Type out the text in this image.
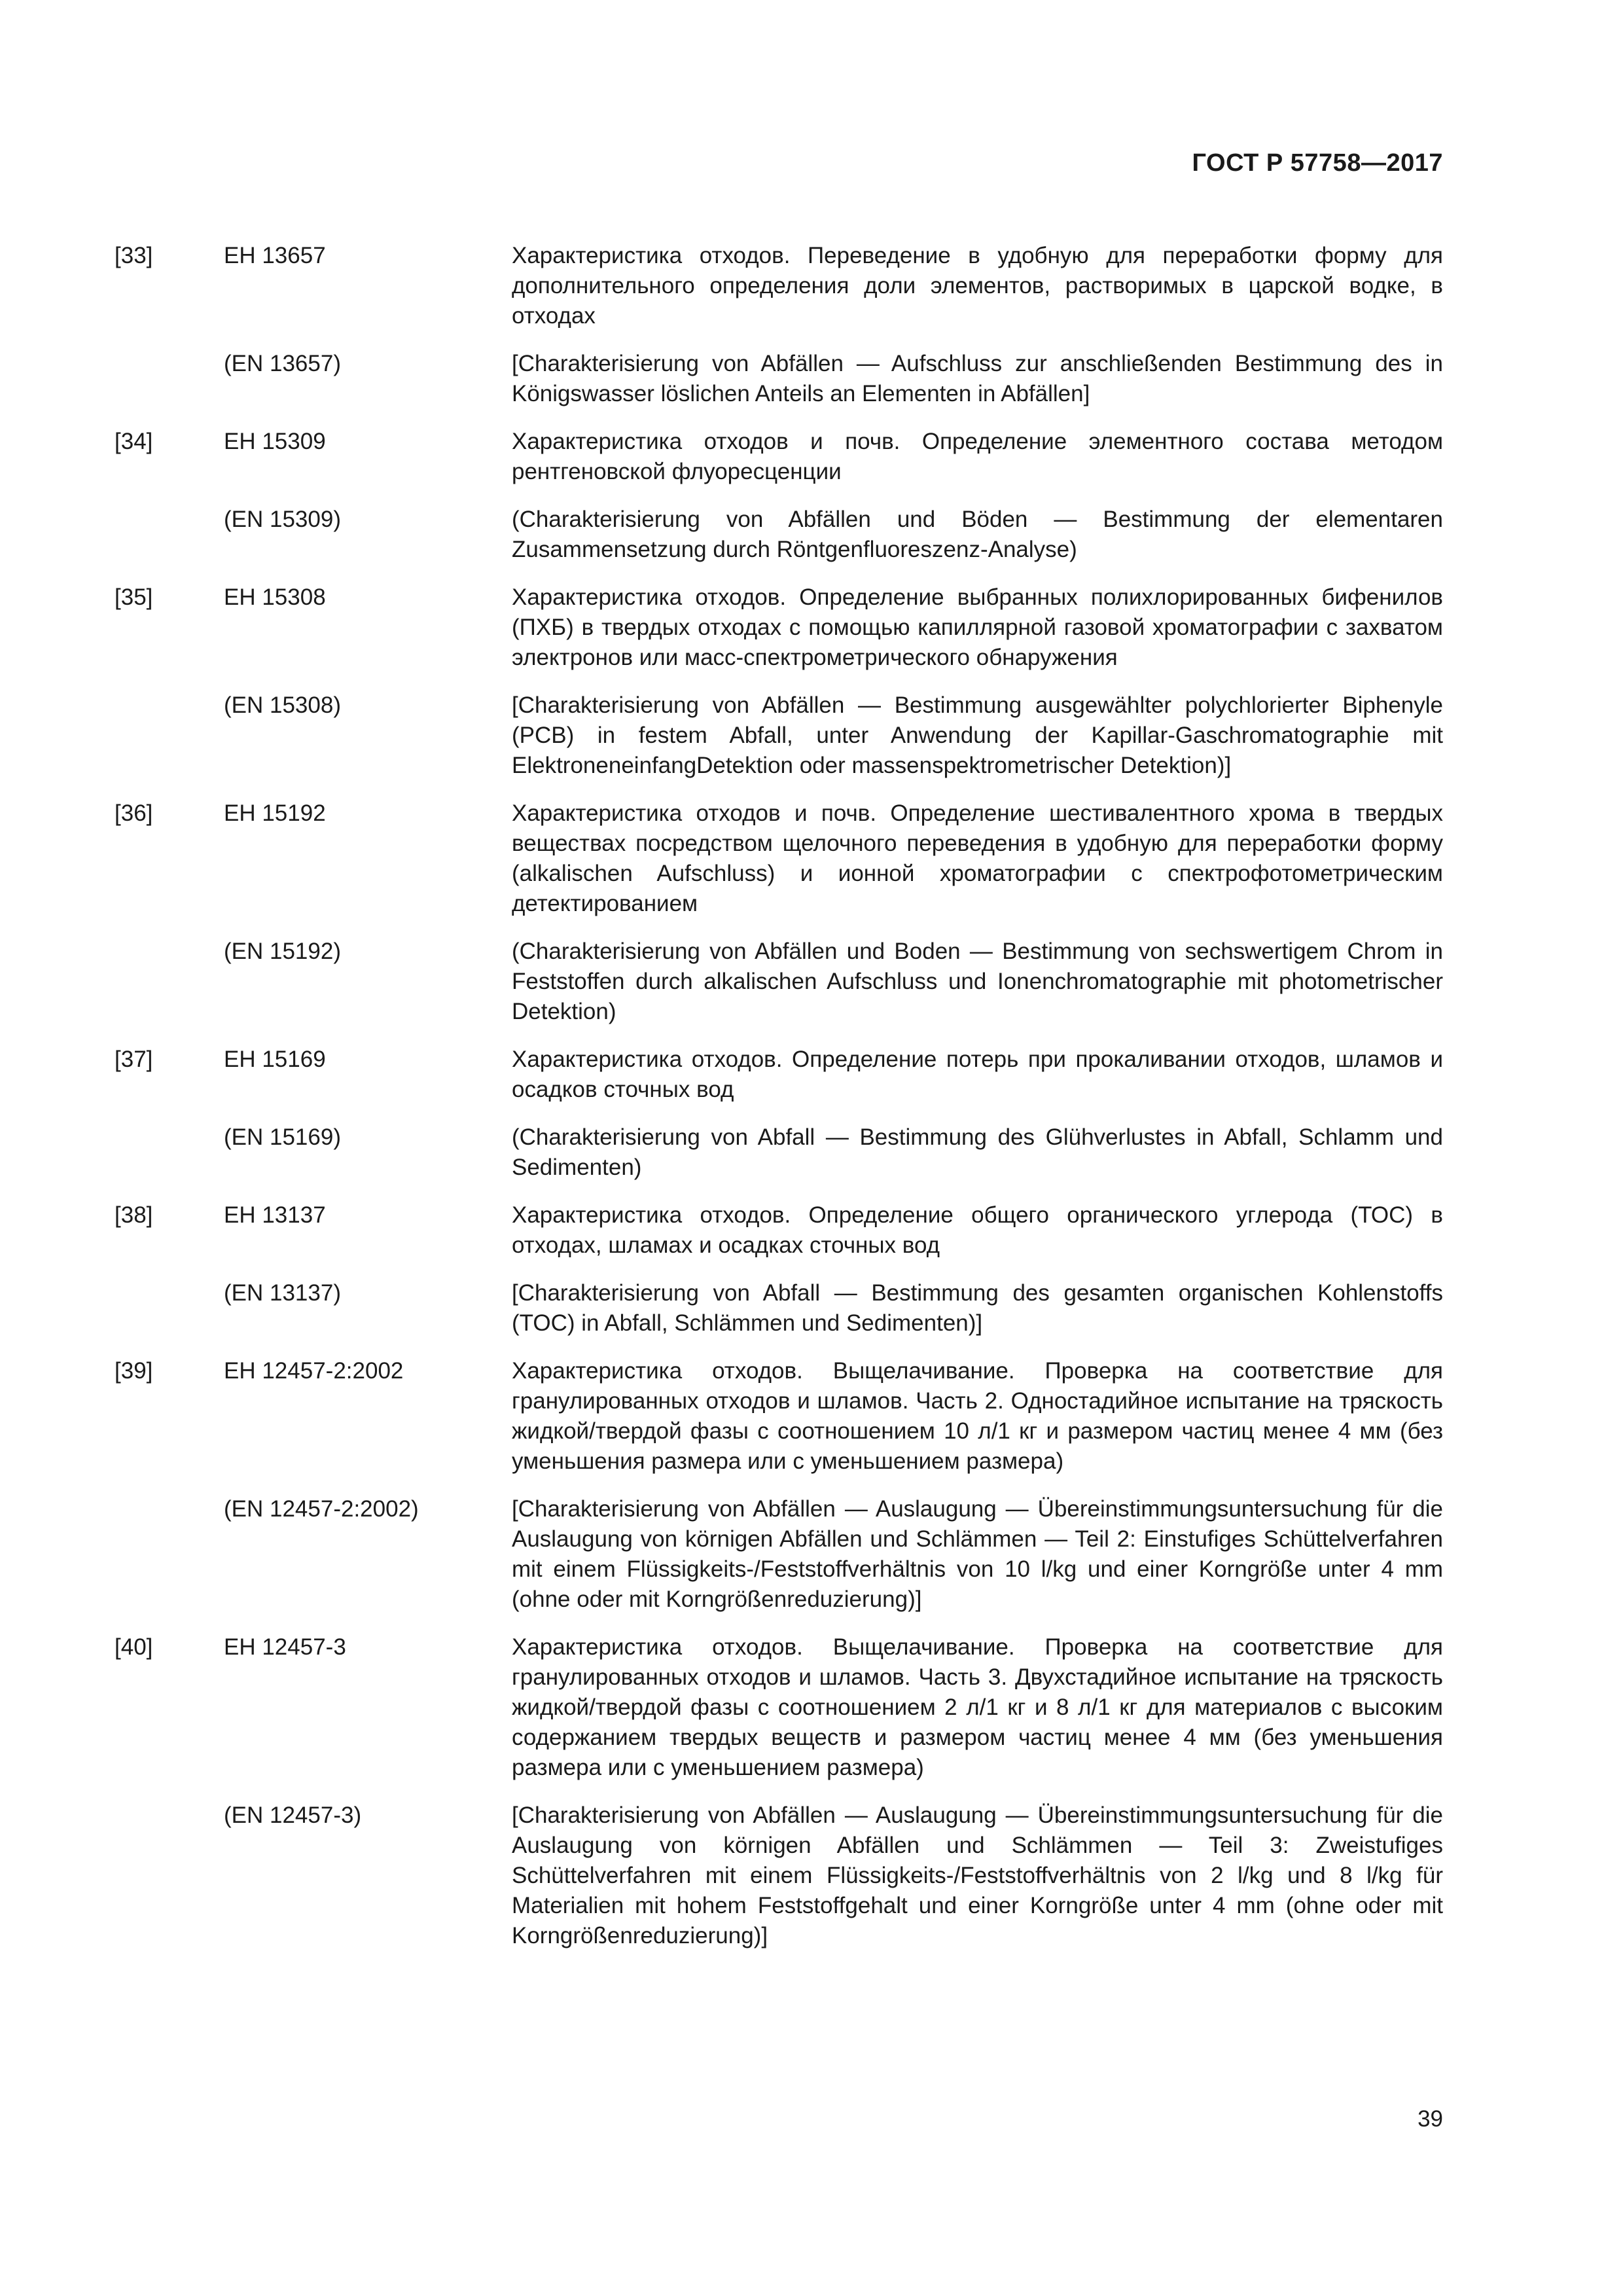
ГОСТ Р 57758—2017
[33]	ЕН 13657	Характеристика отходов. Переведение в удобную для переработки форму для дополнительного определения доли элементов, растворимых в царской водке, в отходах
(EN 13657)	[Charakterisierung von Abfällen — Aufschluss zur anschließenden Bestimmung des in Königswasser löslichen Anteils an Elementen in Abfällen]
[34]	ЕН 15309	Характеристика отходов и почв. Определение элементного состава методом рентгеновской флуоресценции
(EN 15309)	(Charakterisierung von Abfällen und Böden — Bestimmung der elementaren Zusammensetzung durch Röntgenfluoreszenz-Analyse)
[35]	ЕН 15308	Характеристика отходов. Определение выбранных полихлорированных бифенилов (ПХБ) в твердых отходах с помощью капиллярной газовой хроматографии с захватом электронов или масс-спектрометрического обнаружения
(EN 15308)	[Charakterisierung von Abfällen — Bestimmung ausgewählter polychlorierter Biphenyle (PCB) in festem Abfall, unter Anwendung der Kapillar-Gaschromatographie mit ElektroneneinfangDetektion oder massenspektrometrischer Detektion)]
[36]	ЕН 15192	Характеристика отходов и почв. Определение шестивалентного хрома в твердых веществах посредством щелочного переведения в удобную для переработки форму (alkalischen Aufschluss) и ионной хроматографии с спектрофотометрическим детектированием
(EN 15192)	(Charakterisierung von Abfällen und Boden — Bestimmung von sechswertigem Chrom in Feststoffen durch alkalischen Aufschluss und Ionenchromatographie mit photometrischer Detektion)
[37]	ЕН 15169	Характеристика отходов. Определение потерь при прокаливании отходов, шламов и осадков сточных вод
(EN 15169)	(Charakterisierung von Abfall — Bestimmung des Glühverlustes in Abfall, Schlamm und Sedimenten)
[38]	ЕН 13137	Характеристика отходов. Определение общего органического углерода (ТОС) в отходах, шламах и осадках сточных вод
(EN 13137)	[Charakterisierung von Abfall — Bestimmung des gesamten organischen Kohlenstoffs (TOC) in Abfall, Schlämmen und Sedimenten)]
[39]	ЕН 12457-2:2002	Характеристика отходов. Выщелачивание. Проверка на соответствие для гранулированных отходов и шламов. Часть 2. Одностадийное испытание на тряскость жидкой/твердой фазы с соотношением 10 л/1 кг и размером частиц менее 4 мм (без уменьшения размера или с уменьшением размера)
(EN 12457-2:2002)	[Charakterisierung von Abfällen — Auslaugung — Übereinstimmungsuntersuchung für die Auslaugung von körnigen Abfällen und Schlämmen — Teil 2: Einstufiges Schüttelverfahren mit einem Flüssigkeits-/Feststoffverhältnis von 10 l/kg und einer Korngröße unter 4 mm (ohne oder mit Korngrößenreduzierung)]
[40]	ЕН 12457-3	Характеристика отходов. Выщелачивание. Проверка на соответствие для гранулированных отходов и шламов. Часть 3. Двухстадийное испытание на тряскость жидкой/твердой фазы с соотношением 2 л/1 кг и 8 л/1 кг для материалов с высоким содержанием твердых веществ и размером частиц менее 4 мм (без уменьшения размера или с уменьшением размера)
(EN 12457-3)	[Charakterisierung von Abfällen — Auslaugung — Übereinstimmungsuntersuchung für die Auslaugung von körnigen Abfällen und Schlämmen — Teil 3: Zweistufiges Schüttelverfahren mit einem Flüssigkeits-/Feststoffverhältnis von 2 l/kg und 8 l/kg für Materialien mit hohem Feststoffgehalt und einer Korngröße unter 4 mm (ohne oder mit Korngrößenreduzierung)]
39
